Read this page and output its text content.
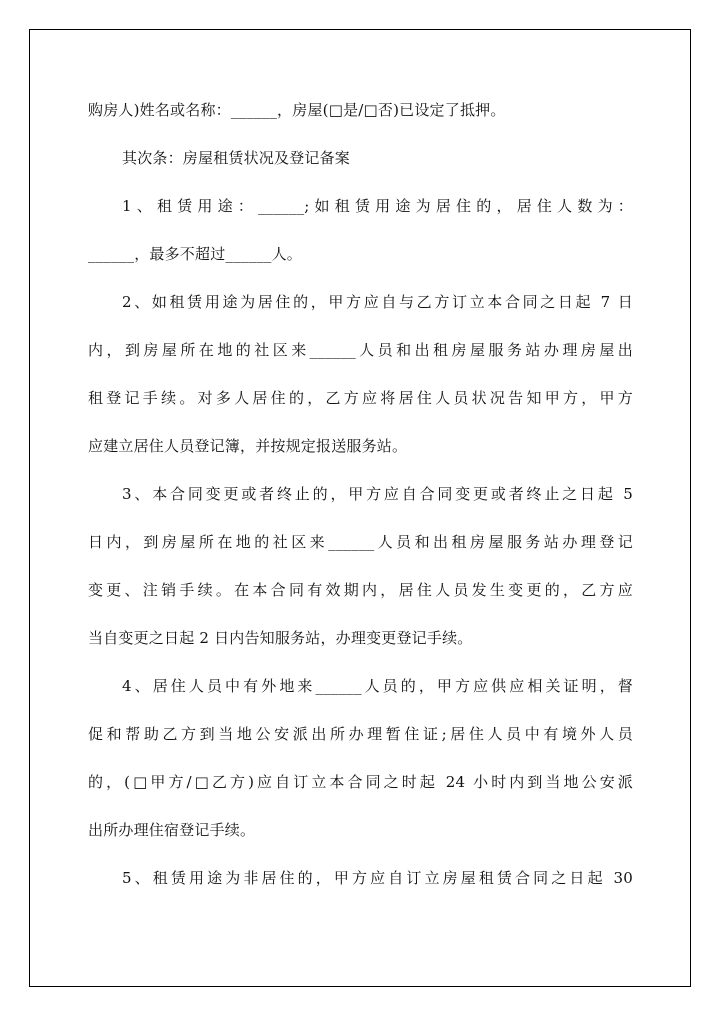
购房人)姓名或名称：______，房屋(□是/□否)已设定了抵押。
其次条：房屋租赁状况及登记备案
1、租赁用途：______;如租赁用途为居住的，居住人数为：
______，最多不超过______人。
2、如租赁用途为居住的，甲方应自与乙方订立本合同之日起 7 日
内，到房屋所在地的社区来______人员和出租房屋服务站办理房屋出
租登记手续。对多人居住的，乙方应将居住人员状况告知甲方，甲方
应建立居住人员登记簿，并按规定报送服务站。
3、本合同变更或者终止的，甲方应自合同变更或者终止之日起 5
日内，到房屋所在地的社区来______人员和出租房屋服务站办理登记
变更、注销手续。在本合同有效期内，居住人员发生变更的，乙方应
当自变更之日起 2 日内告知服务站，办理变更登记手续。
4、居住人员中有外地来______人员的，甲方应供应相关证明，督
促和帮助乙方到当地公安派出所办理暂住证;居住人员中有境外人员
的，(□甲方/□乙方)应自订立本合同之时起 24 小时内到当地公安派
出所办理住宿登记手续。
5、租赁用途为非居住的，甲方应自订立房屋租赁合同之日起 30
